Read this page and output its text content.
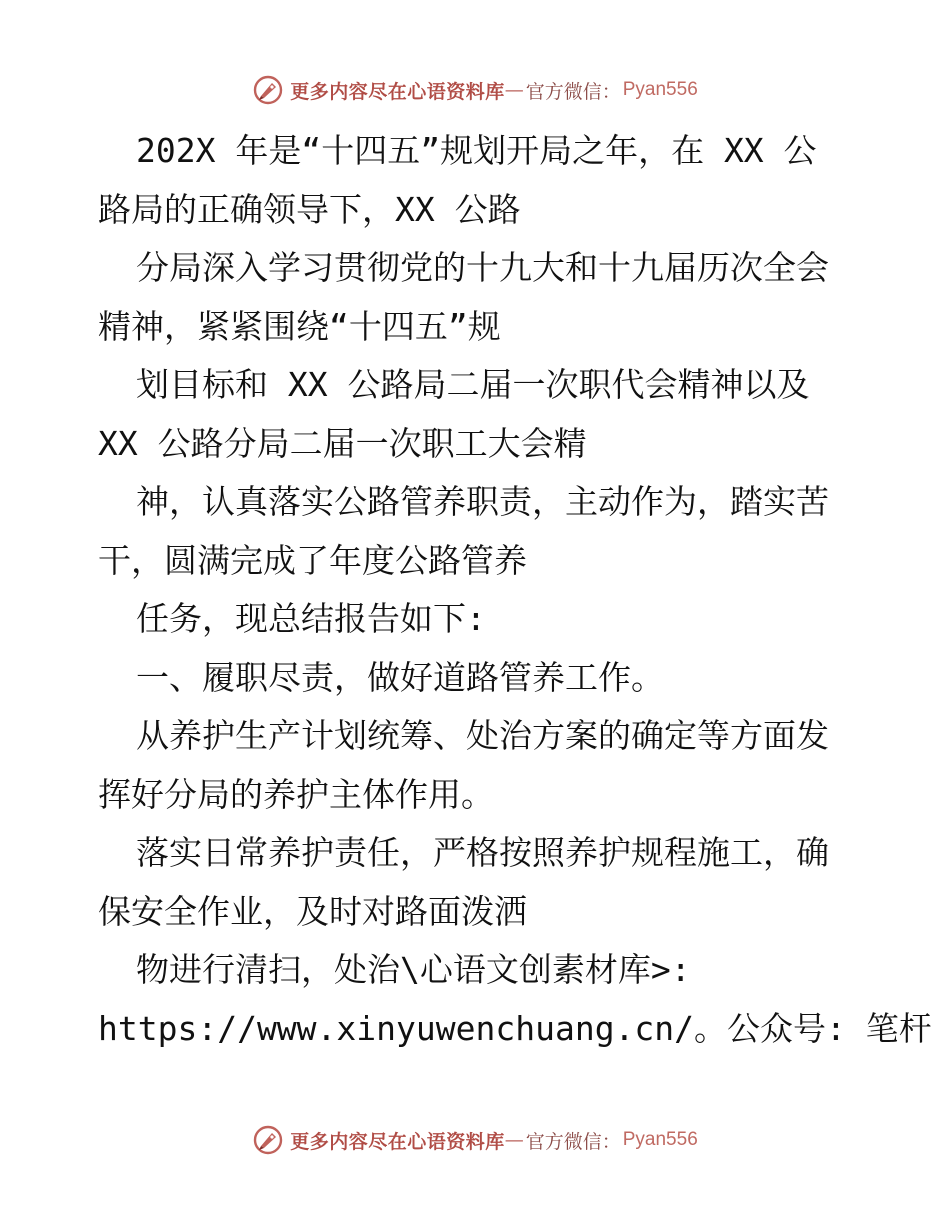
更多内容尽在心语资料库 — 官方微信： Pyan556
202X 年是“十四五”规划开局之年，在 XX 公
路局的正确领导下，XX 公路
分局深入学习贯彻党的十九大和十九届历次全会
精神，紧紧围绕“十四五”规
划目标和 XX 公路局二届一次职代会精神以及
XX 公路分局二届一次职工大会精
神，认真落实公路管养职责，主动作为，踏实苦
干，圆满完成了年度公路管养
任务，现总结报告如下:
一、履职尽责，做好道路管养工作。
从养护生产计划统筹、处治方案的确定等方面发
挥好分局的养护主体作用。
落实日常养护责任，严格按照养护规程施工，确
保安全作业，及时对路面泼洒
物进行清扫，处治\心语文创素材库>:
https://www.xinyuwenchuang.cn/。公众号: 笔杆
更多内容尽在心语资料库 — 官方微信： Pyan556
